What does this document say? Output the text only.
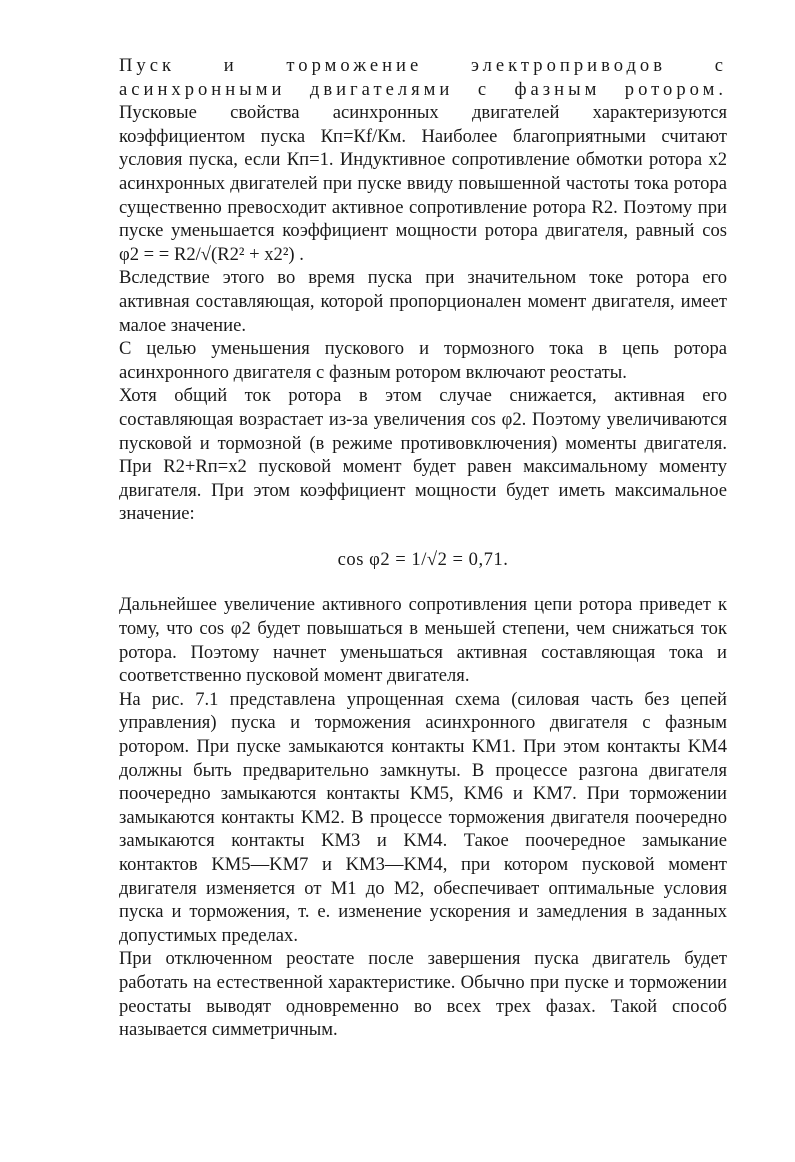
Пуск и торможение электроприводов с асинхронными двигателями с фазным ротором. Пусковые свойства асинхронных двигателей характеризуются коэффициентом пуска Кп=Кf/Км. Наиболее благоприятными считают условия пуска, если Кп=1. Индуктивное сопротивление обмотки ротора x2 асинхронных двигателей при пуске ввиду повышенной частоты тока ротора существенно превосходит активное сопротивление ротора R2. Поэтому при пуске уменьшается коэффициент мощности ротора двигателя, равный cos φ2 = = R2/√(R2² + x2²) .

Вследствие этого во время пуска при значительном токе ротора его активная составляющая, которой пропорционален момент двигателя, имеет малое значение.

С целью уменьшения пускового и тормозного тока в цепь ротора асинхронного двигателя с фазным ротором включают реостаты.

Хотя общий ток ротора в этом случае снижается, активная его составляющая возрастает из-за увеличения cos φ2. Поэтому увеличиваются пусковой и тормозной (в режиме противовключения) моменты двигателя. При R2+Rп=x2 пусковой момент будет равен максимальному моменту двигателя. При этом коэффициент мощности будет иметь максимальное значение:

cos φ2 = 1/√2 = 0,71.

Дальнейшее увеличение активного сопротивления цепи ротора приведет к тому, что cos φ2 будет повышаться в меньшей степени, чем снижаться ток ротора. Поэтому начнет уменьшаться активная составляющая тока и соответственно пусковой момент двигателя.

На рис. 7.1 представлена упрощенная схема (силовая часть без цепей управления) пуска и торможения асинхронного двигателя с фазным ротором. При пуске замыкаются контакты KM1. При этом контакты KM4 должны быть предварительно замкнуты. В процессе разгона двигателя поочередно замыкаются контакты KM5, KM6 и KM7. При торможении замыкаются контакты KM2. В процессе торможения двигателя поочередно замыкаются контакты KM3 и KM4. Такое поочередное замыкание контактов KM5—KM7 и KM3—KM4, при котором пусковой момент двигателя изменяется от M1 до M2, обеспечивает оптимальные условия пуска и торможения, т. е. изменение ускорения и замедления в заданных допустимых пределах.

При отключенном реостате после завершения пуска двигатель будет работать на естественной характеристике. Обычно при пуске и торможении реостаты выводят одновременно во всех трех фазах. Такой способ называется симметричным.
